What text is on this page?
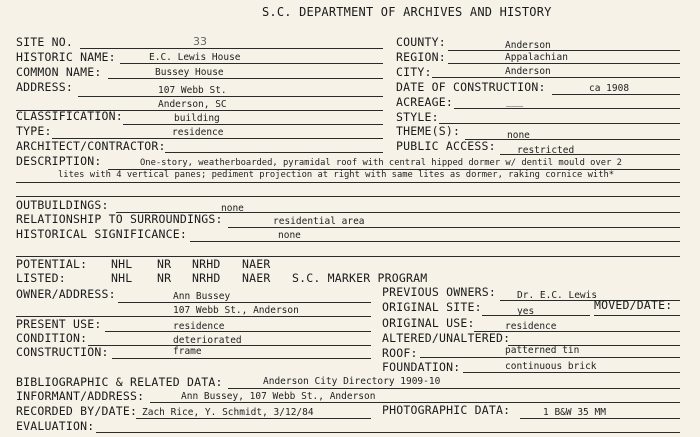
S.C. DEPARTMENT OF ARCHIVES AND HISTORY
SITE NO.	33
HISTORIC NAME:	E.C. Lewis House
COMMON NAME:	Bussey House
ADDRESS:	107 Webb St.
Anderson, SC
CLASSIFICATION:	building
TYPE:	residence
ARCHITECT/CONTRACTOR:
COUNTY:	Anderson
REGION:	Appalachian
CITY:	Anderson
DATE OF CONSTRUCTION:	ca 1908
ACREAGE:	___
STYLE:
THEME(S):	none
PUBLIC ACCESS: restricted
DESCRIPTION:	One-story, weatherboarded, pyramidal roof with central hipped dormer w/ dentil mould over 2
lites with 4 vertical panes; pediment projection at right with same lites as dormer, raking cornice with*
OUTBUILDINGS:	none
RELATIONSHIP TO SURROUNDINGS:	residential area
HISTORICAL SIGNIFICANCE:	none
POTENTIAL: NHL NR NRHD NAER
LISTED:	NHL NR NRHD NAER S.C. MARKER PROGRAM
OWNER/ADDRESS:	Ann Bussey
107 Webb St., Anderson
PREVIOUS OWNERS: Dr. E.C. Lewis
ORIGINAL SITE:	yes	MOVED/DATE:
PRESENT USE:	residence	ORIGINAL USE:	residence
CONDITION:	deteriorated	ALTERED/UNALTERED:
CONSTRUCTION:	frame	ROOF:	patterned tin
FOUNDATION:	continuous brick
BIBLIOGRAPHIC & RELATED DATA:	Anderson City Directory 1909-10
INFORMANT/ADDRESS:	Ann Bussey, 107 Webb St., Anderson
RECORDED BY/DATE: Zach Rice, Y. Schmidt, 3/12/84	PHOTOGRAPHIC DATA:	1 B&W 35 MM
EVALUATION:
